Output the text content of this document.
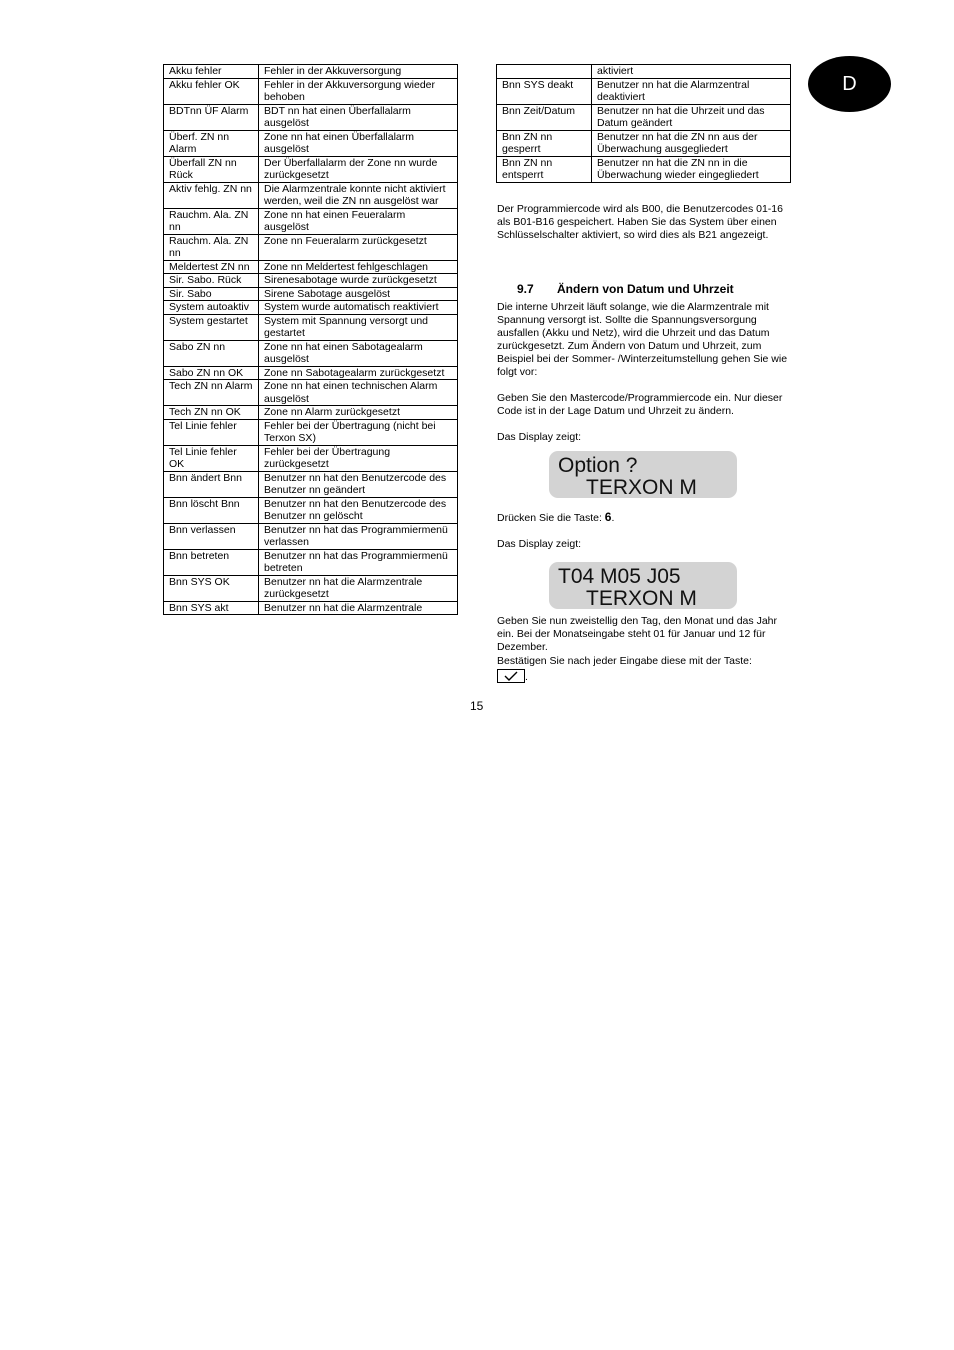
Akku fehler	Fehler in der Akkuversorgung
Akku fehler OK	Fehler in der Akkuversorgung wieder behoben
BDTnn ÜF Alarm	BDT nn hat einen Überfallalarm ausgelöst
Überf. ZN nn Alarm	Zone nn hat einen Überfallalarm ausgelöst
Überfall ZN nn Rück	Der Überfallalarm der Zone nn wurde zurückgesetzt
Aktiv fehlg. ZN nn	Die Alarmzentrale konnte nicht aktiviert werden, weil die ZN nn ausgelöst war
Rauchm. Ala. ZN nn	Zone nn hat einen Feueralarm ausgelöst
Rauchm. Ala. ZN nn	Zone nn Feueralarm zurückgesetzt
Meldertest ZN nn	Zone nn Meldertest fehlgeschlagen
Sir. Sabo. Rück	Sirenesabotage wurde zurückgesetzt
Sir. Sabo	Sirene Sabotage ausgelöst
System autoaktiv	System wurde automatisch reaktiviert
System gestartet	System mit Spannung versorgt und gestartet
Sabo ZN nn	Zone nn hat einen Sabotagealarm ausgelöst
Sabo ZN nn OK	Zone nn Sabotagealarm zurückgesetzt
Tech ZN nn Alarm	Zone nn hat einen technischen Alarm ausgelöst
Tech ZN nn OK	Zone nn Alarm zurückgesetzt
Tel Linie fehler	Fehler bei der Übertragung (nicht bei Terxon SX)
Tel Linie fehler OK	Fehler bei der Übertragung zurückgesetzt
Bnn ändert Bnn	Benutzer nn hat den Benutzercode des Benutzer nn geändert
Bnn löscht Bnn	Benutzer nn hat den Benutzercode des Benutzer nn gelöscht
Bnn verlassen	Benutzer nn hat das Programmiermenü verlassen
Bnn betreten	Benutzer nn hat das Programmiermenü betreten
Bnn SYS OK	Benutzer nn hat die Alarmzentrale zurückgesetzt
Bnn SYS akt	Benutzer nn hat die Alarmzentrale
	aktiviert
Bnn SYS deakt	Benutzer nn hat die Alarmzentral deaktiviert
Bnn Zeit/Datum	Benutzer nn hat die Uhrzeit und das Datum geändert
Bnn ZN nn gesperrt	Benutzer nn hat die ZN nn aus der Überwachung ausgegliedert
Bnn ZN nn entsperrt	Benutzer nn hat die ZN nn in die Überwachung wieder eingegliedert
D

Der Programmiercode wird als B00, die Benutzercodes 01-16 als B01-B16 gespeichert. Haben Sie das System über einen Schlüsselschalter aktiviert, so wird dies als B21 angezeigt.

9.7 Ändern von Datum und Uhrzeit

Die interne Uhrzeit läuft solange, wie die Alarmzentrale mit Spannung versorgt ist. Sollte die Spannungsversorgung ausfallen (Akku und Netz), wird die Uhrzeit und das Datum zurückgesetzt. Zum Ändern von Datum und Uhrzeit, zum Beispiel bei der Sommer- /Winterzeitumstellung gehen Sie wie folgt vor:

Geben Sie den Mastercode/Programmiercode ein. Nur dieser Code ist in der Lage Datum und Uhrzeit zu ändern.

Das Display zeigt:

Option ?
TERXON M

Drücken Sie die Taste: 6.

Das Display zeigt:

T04 M05 J05
TERXON M

Geben Sie nun zweistellig den Tag, den Monat und das Jahr ein. Bei der Monatseingabe steht 01 für Januar und 12 für Dezember.

Bestätigen Sie nach jeder Eingabe diese mit der Taste:

.
15
